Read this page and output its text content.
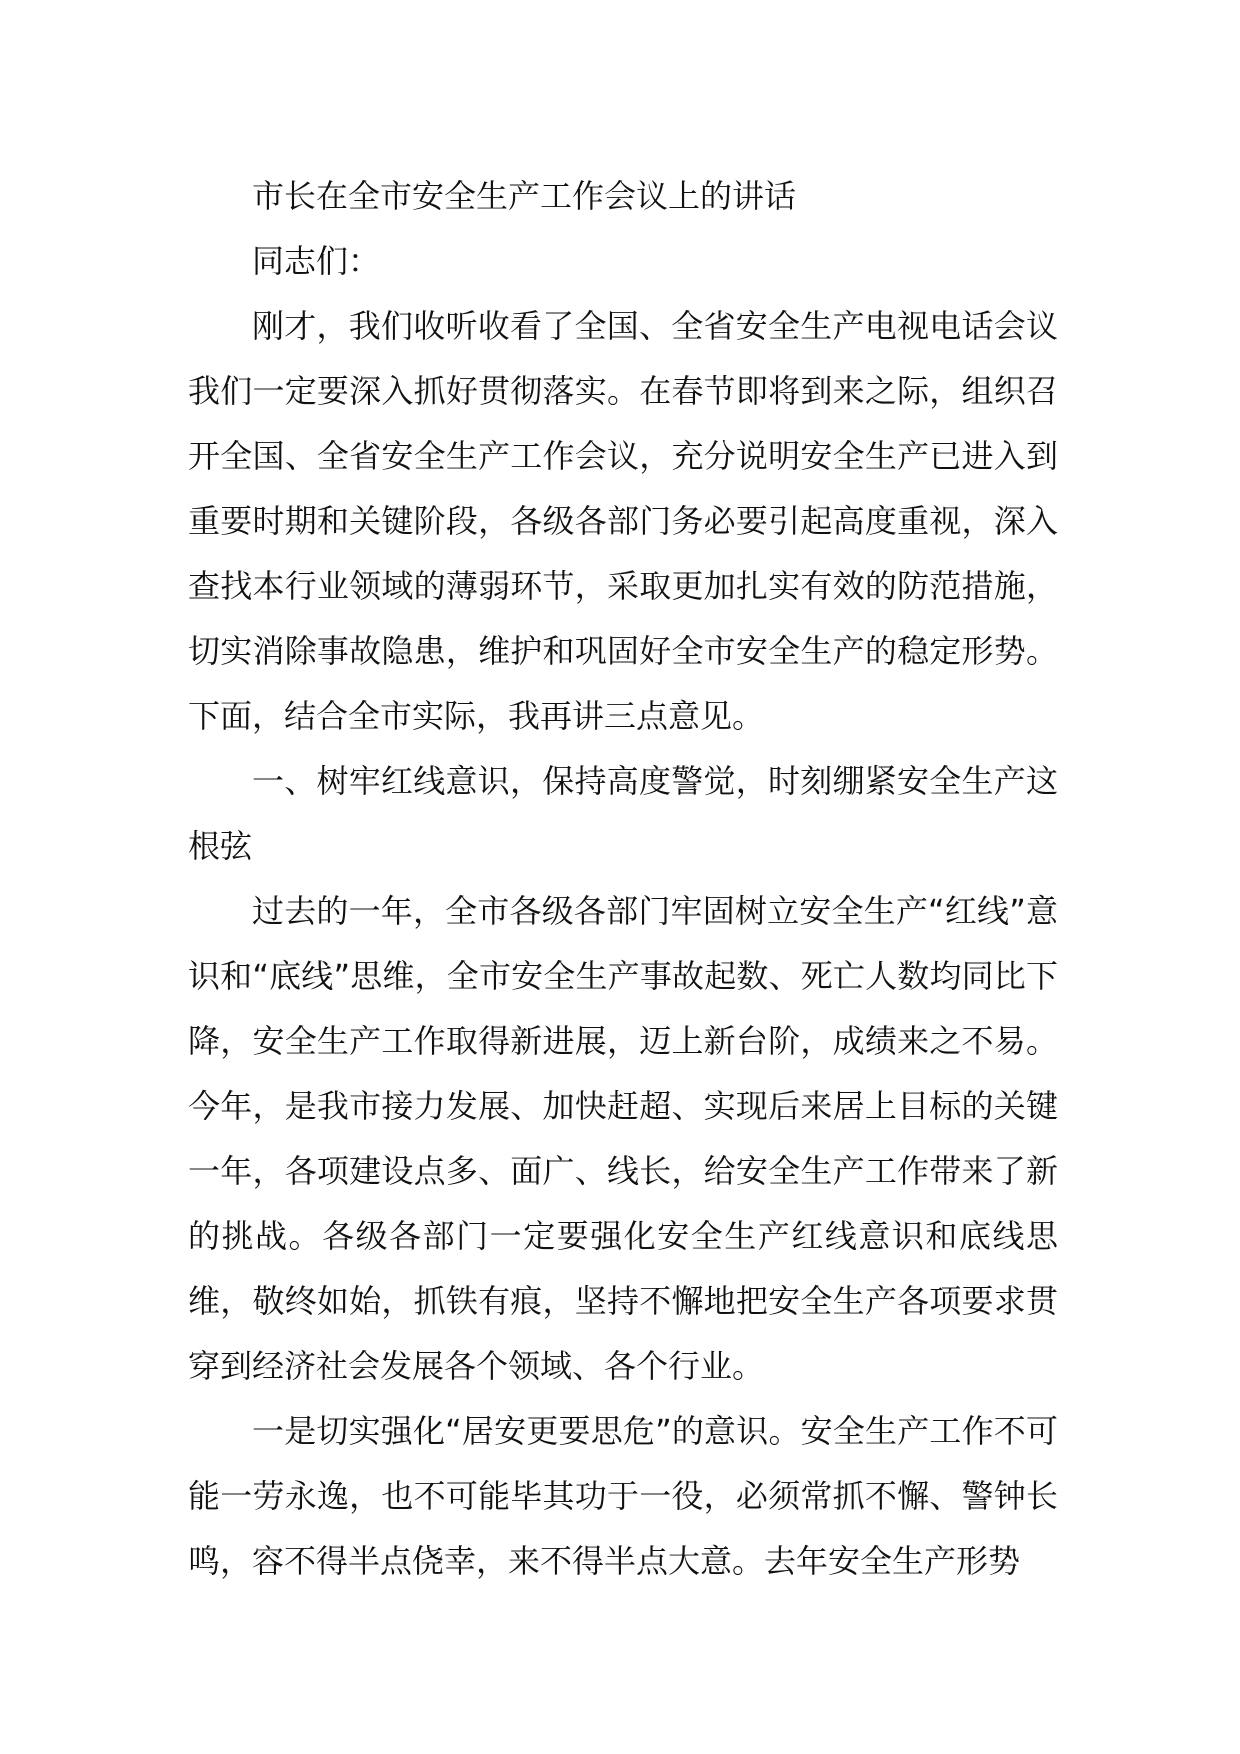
市长在全市安全生产工作会议上的讲话

同志们：

刚才，我们收听收看了全国、全省安全生产电视电话会议我们一定要深入抓好贯彻落实。在春节即将到来之际，组织召开全国、全省安全生产工作会议，充分说明安全生产已进入到重要时期和关键阶段，各级各部门务必要引起高度重视，深入查找本行业领域的薄弱环节，采取更加扎实有效的防范措施，切实消除事故隐患，维护和巩固好全市安全生产的稳定形势。下面，结合全市实际，我再讲三点意见。

一、树牢红线意识，保持高度警觉，时刻绷紧安全生产这根弦

过去的一年，全市各级各部门牢固树立安全生产“红线”意识和“底线”思维，全市安全生产事故起数、死亡人数均同比下降，安全生产工作取得新进展，迈上新台阶，成绩来之不易。今年，是我市接力发展、加快赶超、实现后来居上目标的关键一年，各项建设点多、面广、线长，给安全生产工作带来了新的挑战。各级各部门一定要强化安全生产红线意识和底线思维，敬终如始，抓铁有痕，坚持不懈地把安全生产各项要求贯穿到经济社会发展各个领域、各个行业。

一是切实强化“居安更要思危”的意识。安全生产工作不可能一劳永逸，也不可能毕其功于一役，必须常抓不懈、警钟长鸣，容不得半点侥幸，来不得半点大意。去年安全生产形势
